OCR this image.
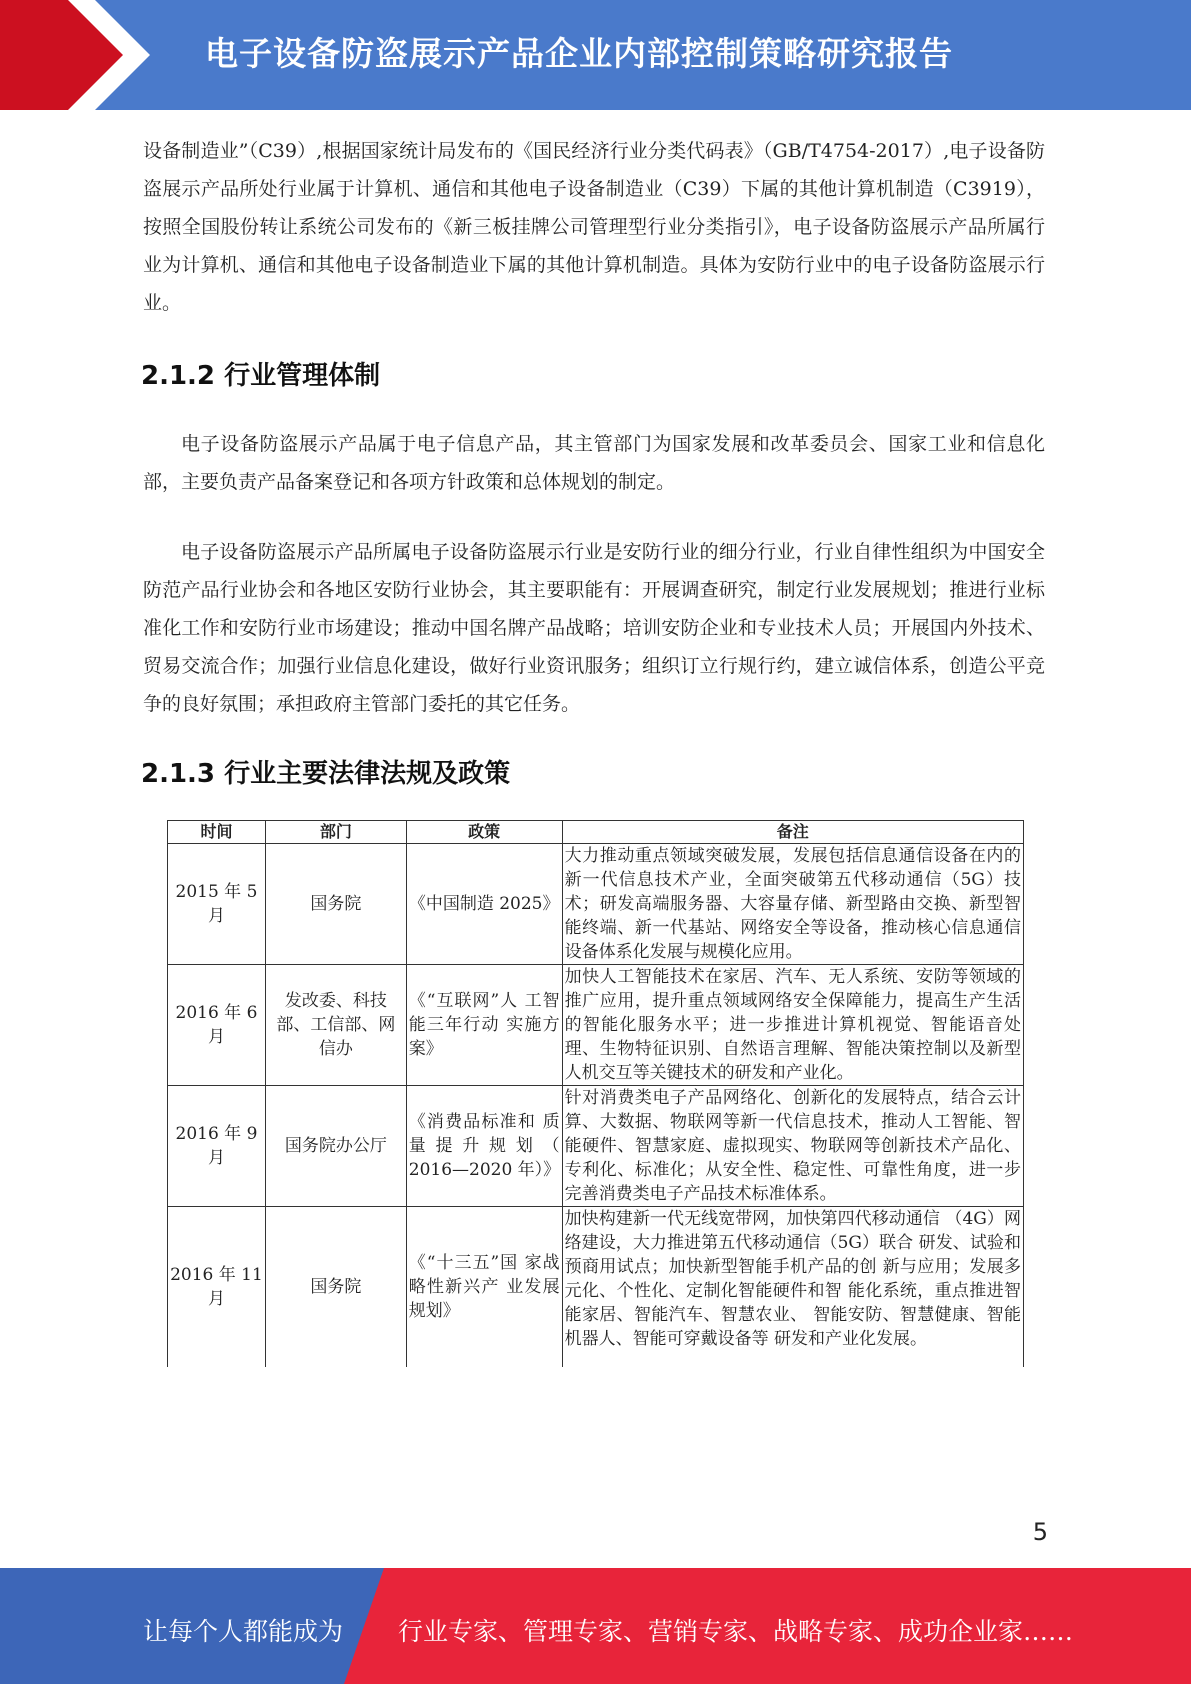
电子设备防盗展示产品企业内部控制策略研究报告
设备制造业”（C39）,根据国家统计局发布的《国民经济行业分类代码表》（GB/T4754-2017）,电子设备防盗展示产品所处行业属于计算机、通信和其他电子设备制造业（C39）下属的其他计算机制造（C3919），按照全国股份转让系统公司发布的《新三板挂牌公司管理型行业分类指引》，电子设备防盗展示产品所属行业为计算机、通信和其他电子设备制造业下属的其他计算机制造。具体为安防行业中的电子设备防盗展示行业。
2.1.2 行业管理体制
电子设备防盗展示产品属于电子信息产品，其主管部门为国家发展和改革委员会、国家工业和信息化部，主要负责产品备案登记和各项方针政策和总体规划的制定。
电子设备防盗展示产品所属电子设备防盗展示行业是安防行业的细分行业，行业自律性组织为中国安全防范产品行业协会和各地区安防行业协会，其主要职能有：开展调查研究，制定行业发展规划；推进行业标准化工作和安防行业市场建设；推动中国名牌产品战略；培训安防企业和专业技术人员；开展国内外技术、贸易交流合作；加强行业信息化建设，做好行业资讯服务；组织订立行规行约，建立诚信体系，创造公平竞争的良好氛围；承担政府主管部门委托的其它任务。
2.1.3 行业主要法律法规及政策
时间	部门	政策	备注
2015 年 5月	国务院	《中国制造 2025》	大力推动重点领域突破发展，发展包括信息通信设备在内的新一代信息技术产业，全面突破第五代移动通信（5G）技术；研发高端服务器、大容量存储、新型路由交换、新型智能终端、新一代基站、网络安全等设备，推动核心信息通信设备体系化发展与规模化应用。
2016 年 6月	发改委、科技部、工信部、网信办	《“互联网”人 工智能三年行动 实施方案》	加快人工智能技术在家居、汽车、无人系统、安防等领域的推广应用，提升重点领域网络安全保障能力，提高生产生活的智能化服务水平；进一步推进计算机视觉、智能语音处理、生物特征识别、自然语言理解、智能决策控制以及新型人机交互等关键技术的研发和产业化。
2016 年 9月	国务院办公厅	《消费品标准和 质量 提 升 规 划 （ 2016—2020 年）》	针对消费类电子产品网络化、创新化的发展特点，结合云计算、大数据、物联网等新一代信息技术，推动人工智能、智能硬件、智慧家庭、虚拟现实、物联网等创新技术产品化、专利化、标准化；从安全性、稳定性、可靠性角度，进一步完善消费类电子产品技术标准体系。
2016 年 11月	国务院	《“十三五”国 家战略性新兴产 业发展规划》	加快构建新一代无线宽带网，加快第四代移动通信 （4G）网络建设，大力推进第五代移动通信（5G）联合 研发、试验和预商用试点；加快新型智能手机产品的创 新与应用；发展多元化、个性化、定制化智能硬件和智 能化系统，重点推进智能家居、智能汽车、智慧农业、 智能安防、智慧健康、智能机器人、智能可穿戴设备等 研发和产业化发展。
5
让每个人都能成为 行业专家、管理专家、营销专家、战略专家、成功企业家……
